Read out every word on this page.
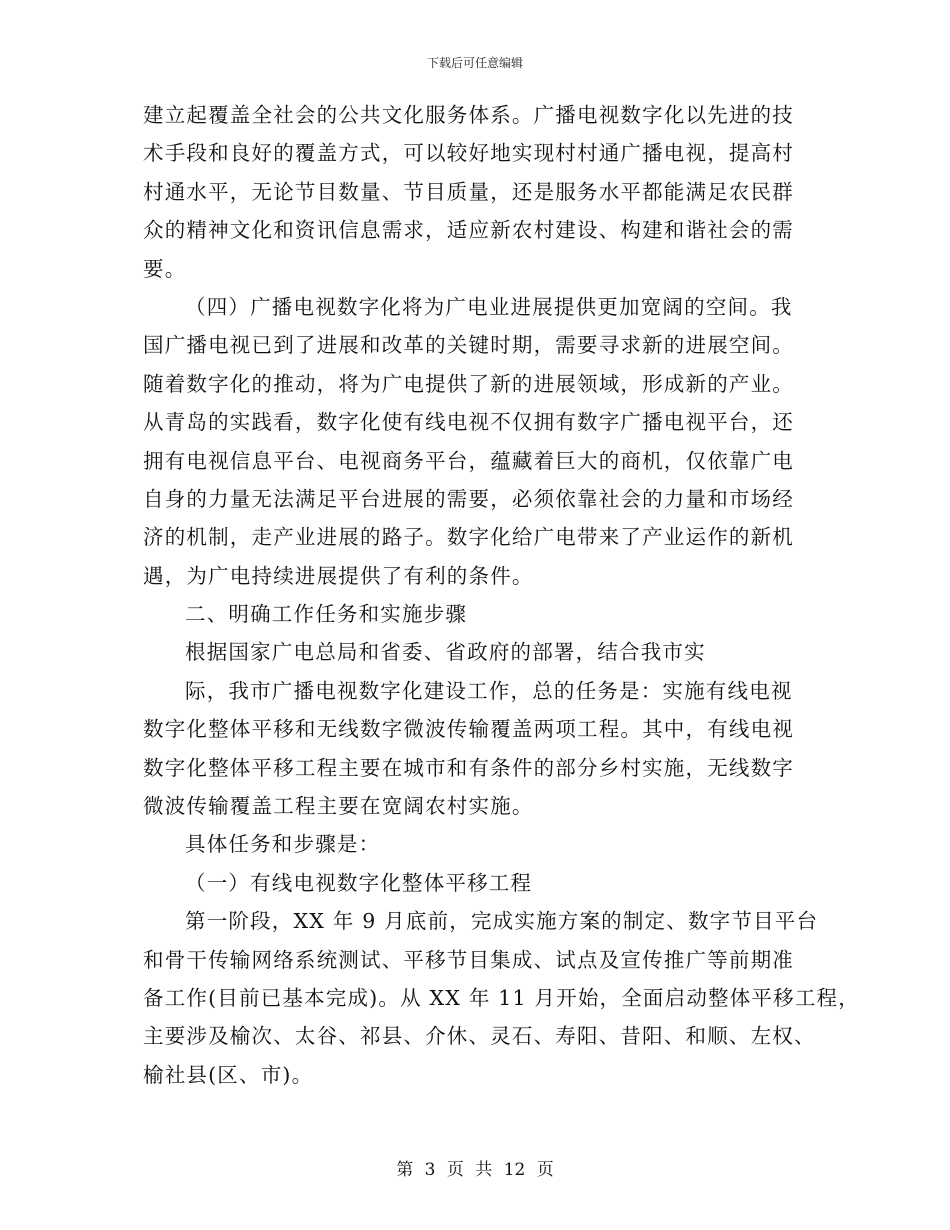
下载后可任意编辑
建立起覆盖全社会的公共文化服务体系。广播电视数字化以先进的技
术手段和良好的覆盖方式，可以较好地实现村村通广播电视，提高村
村通水平，无论节目数量、节目质量，还是服务水平都能满足农民群
众的精神文化和资讯信息需求，适应新农村建设、构建和谐社会的需
要。
（四）广播电视数字化将为广电业进展提供更加宽阔的空间。我
国广播电视已到了进展和改革的关键时期，需要寻求新的进展空间。
随着数字化的推动，将为广电提供了新的进展领域，形成新的产业。
从青岛的实践看，数字化使有线电视不仅拥有数字广播电视平台，还
拥有电视信息平台、电视商务平台，蕴藏着巨大的商机，仅依靠广电
自身的力量无法满足平台进展的需要，必须依靠社会的力量和市场经
济的机制，走产业进展的路子。数字化给广电带来了产业运作的新机
遇，为广电持续进展提供了有利的条件。
二、明确工作任务和实施步骤
根据国家广电总局和省委、省政府的部署，结合我市实
际，我市广播电视数字化建设工作，总的任务是：实施有线电视
数字化整体平移和无线数字微波传输覆盖两项工程。其中，有线电视
数字化整体平移工程主要在城市和有条件的部分乡村实施，无线数字
微波传输覆盖工程主要在宽阔农村实施。
具体任务和步骤是：
（一）有线电视数字化整体平移工程
第一阶段，XX 年 9 月底前，完成实施方案的制定、数字节目平台
和骨干传输网络系统测试、平移节目集成、试点及宣传推广等前期准
备工作(目前已基本完成)。从 XX 年 11 月开始，全面启动整体平移工程，
主要涉及榆次、太谷、祁县、介休、灵石、寿阳、昔阳、和顺、左权、
榆社县(区、市)。
第 3 页 共 12 页
